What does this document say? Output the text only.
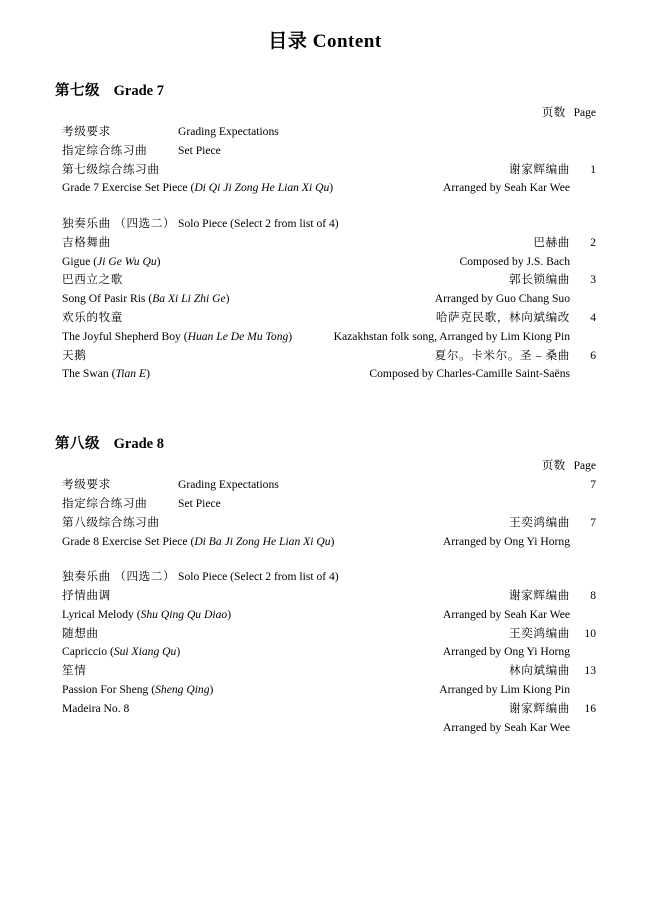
目录 Content
第七级 Grade 7
页数 Page
考级要求	Grading Expectations
指定综合练习曲	Set Piece
第七级综合练习曲	谢家辉编曲	1
Grade 7 Exercise Set Piece (Di Qi Ji Zong He Lian Xi Qu)	Arranged by Seah Kar Wee
独奏乐曲 （四选二） Solo Piece (Select 2 from list of 4)
吉格舞曲	巴赫曲	2
Gigue (Ji Ge Wu Qu)	Composed by J.S. Bach
巴西立之歌	郭长锁编曲	3
Song Of Pasir Ris (Ba Xi Li Zhi Ge)	Arranged by Guo Chang Suo
欢乐的牧童	哈萨克民歌，林向斌编改	4
The Joyful Shepherd Boy (Huan Le De Mu Tong)	Kazakhstan folk song, Arranged by Lim Kiong Pin
天鹅	夏尔。卡米尔。圣 – 桑曲	6
The Swan (Tian E)	Composed by Charles-Camille Saint-Saëns
第八级 Grade 8
页数 Page
考级要求	Grading Expectations	7
指定综合练习曲	Set Piece
第八级综合练习曲	王奕鸿编曲	7
Grade 8 Exercise Set Piece (Di Ba Ji Zong He Lian Xi Qu)	Arranged by Ong Yi Horng
独奏乐曲 （四选二） Solo Piece (Select 2 from list of 4)
抒情曲调	谢家辉编曲	8
Lyrical Melody (Shu Qing Qu Diao)	Arranged by Seah Kar Wee
随想曲	王奕鸿编曲	10
Capriccio (Sui Xiang Qu)	Arranged by Ong Yi Horng
笙情	林向斌编曲	13
Passion For Sheng (Sheng Qing)	Arranged by Lim Kiong Pin
Madeira No. 8	谢家辉编曲	16
Arranged by Seah Kar Wee
